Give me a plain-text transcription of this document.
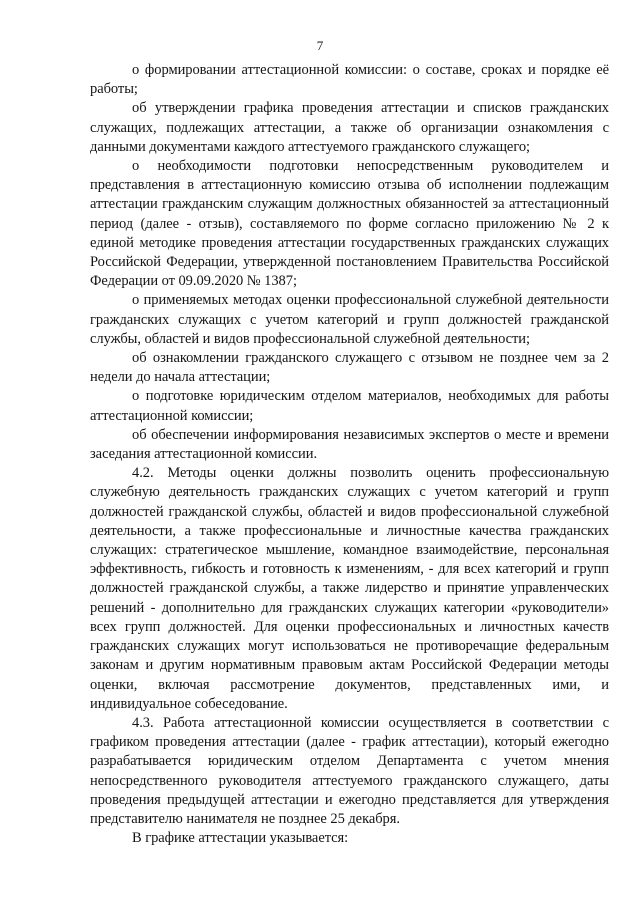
7

о формировании аттестационной комиссии: о составе, сроках и порядке её работы;

об утверждении графика проведения аттестации и списков гражданских служащих, подлежащих аттестации, а также об организации ознакомления с данными документами каждого аттестуемого гражданского служащего;

о необходимости подготовки непосредственным руководителем и представления в аттестационную комиссию отзыва об исполнении подлежащим аттестации гражданским служащим должностных обязанностей за аттестационный период (далее - отзыв), составляемого по форме согласно приложению № 2 к единой методике проведения аттестации государственных гражданских служащих Российской Федерации, утвержденной постановлением Правительства Российской Федерации от 09.09.2020 № 1387;

о применяемых методах оценки профессиональной служебной деятельности гражданских служащих с учетом категорий и групп должностей гражданской службы, областей и видов профессиональной служебной деятельности;

об ознакомлении гражданского служащего с отзывом не позднее чем за 2 недели до начала аттестации;

о подготовке юридическим отделом материалов, необходимых для работы аттестационной комиссии;

об обеспечении информирования независимых экспертов о месте и времени заседания аттестационной комиссии.

4.2. Методы оценки должны позволить оценить профессиональную служебную деятельность гражданских служащих с учетом категорий и групп должностей гражданской службы, областей и видов профессиональной служебной деятельности, а также профессиональные и личностные качества гражданских служащих: стратегическое мышление, командное взаимодействие, персональная эффективность, гибкость и готовность к изменениям, - для всех категорий и групп должностей гражданской службы, а также лидерство и принятие управленческих решений - дополнительно для гражданских служащих категории «руководители» всех групп должностей. Для оценки профессиональных и личностных качеств гражданских служащих могут использоваться не противоречащие федеральным законам и другим нормативным правовым актам Российской Федерации методы оценки, включая рассмотрение документов, представленных ими, и индивидуальное собеседование.

4.3. Работа аттестационной комиссии осуществляется в соответствии с графиком проведения аттестации (далее - график аттестации), который ежегодно разрабатывается юридическим отделом Департамента с учетом мнения непосредственного руководителя аттестуемого гражданского служащего, даты проведения предыдущей аттестации и ежегодно представляется для утверждения представителю нанимателя не позднее 25 декабря.

В графике аттестации указывается:
